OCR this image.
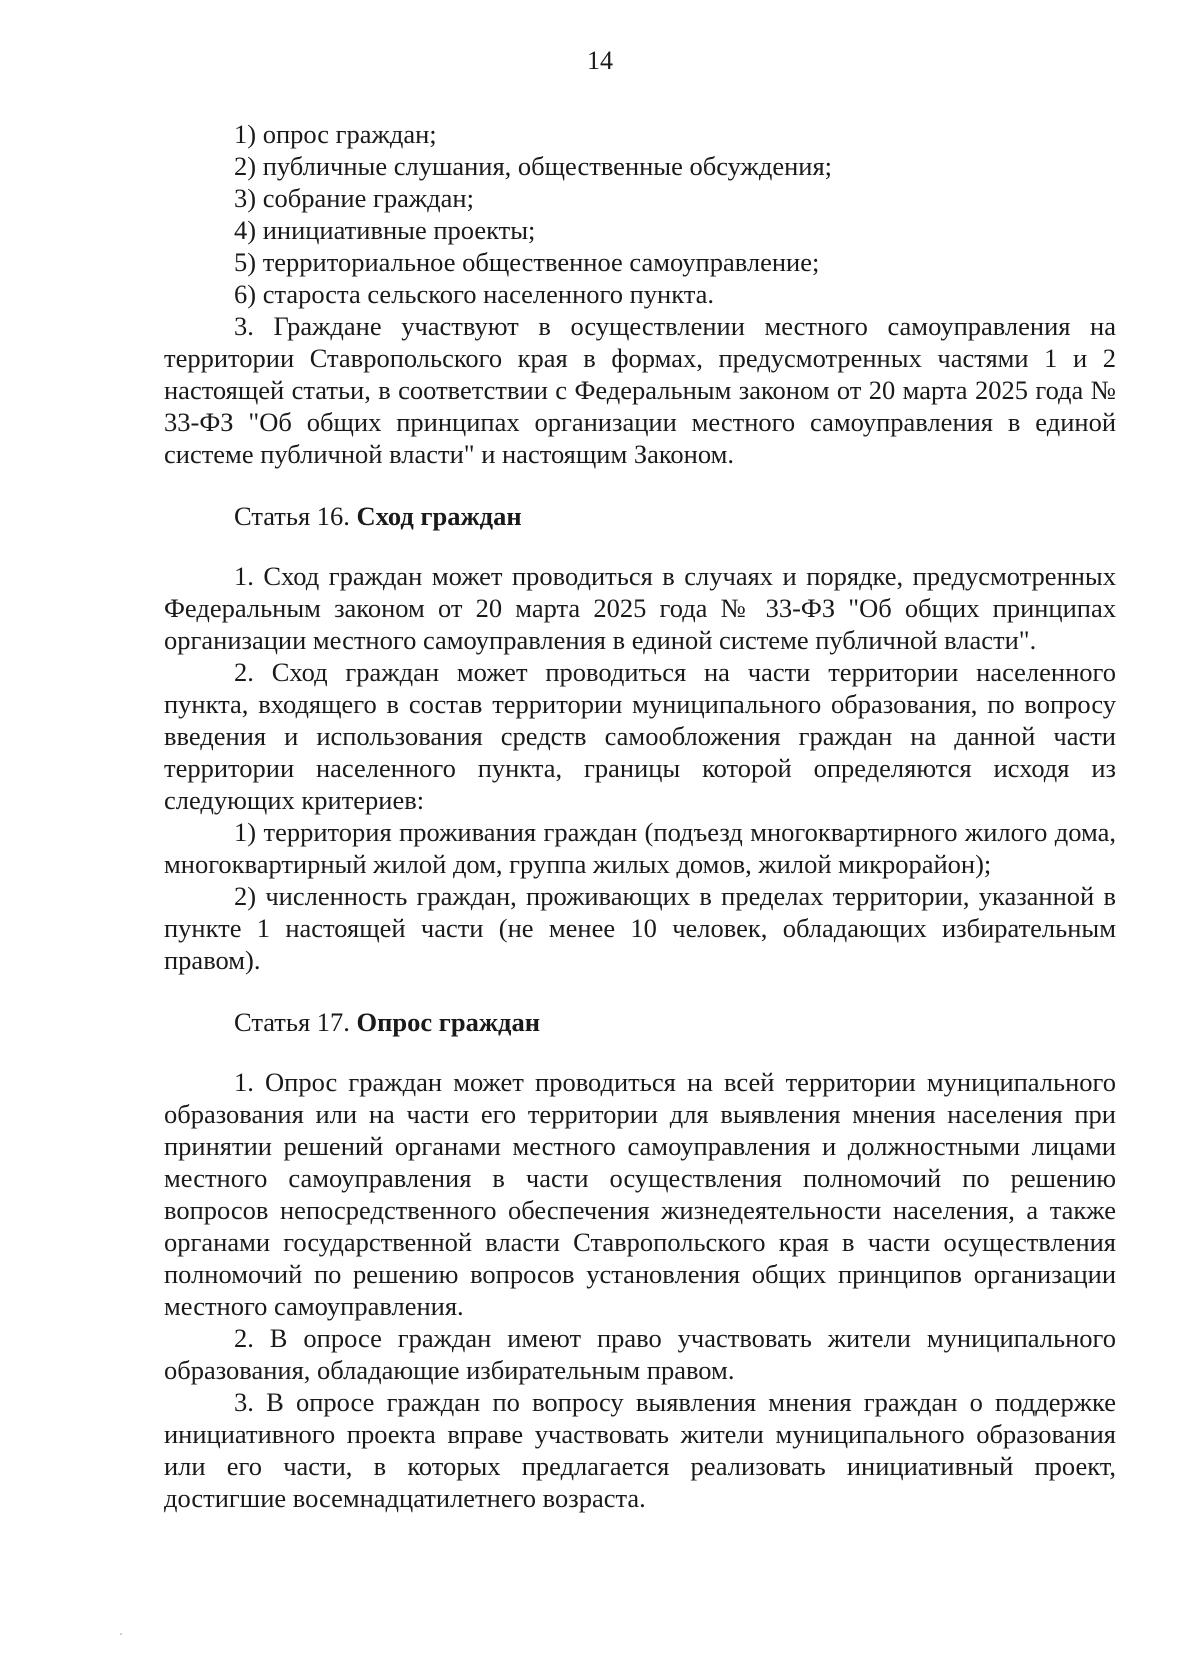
14

1) опрос граждан;

2) публичные слушания, общественные обсуждения;

3) собрание граждан;

4) инициативные проекты;

5) территориальное общественное самоуправление;

6) староста сельского населенного пункта.

3. Граждане участвуют в осуществлении местного самоуправления на территории Ставропольского края в формах, предусмотренных частями 1 и 2 настоящей статьи, в соответствии с Федеральным законом от 20 марта 2025 года № 33-ФЗ "Об общих принципах организации местного самоуправления в единой системе публичной власти" и настоящим Законом.

Статья 16. Сход граждан

1. Сход граждан может проводиться в случаях и порядке, предусмотренных Федеральным законом от 20 марта 2025 года № 33-ФЗ "Об общих принципах организации местного самоуправления в единой системе публичной власти".

2. Сход граждан может проводиться на части территории населенного пункта, входящего в состав территории муниципального образования, по вопросу введения и использования средств самообложения граждан на данной части территории населенного пункта, границы которой определяются исходя из следующих критериев:

1) территория проживания граждан (подъезд многоквартирного жилого дома, многоквартирный жилой дом, группа жилых домов, жилой микрорайон);

2) численность граждан, проживающих в пределах территории, указанной в пункте 1 настоящей части (не менее 10 человек, обладающих избирательным правом).

Статья 17. Опрос граждан

1. Опрос граждан может проводиться на всей территории муниципального образования или на части его территории для выявления мнения населения при принятии решений органами местного самоуправления и должностными лицами местного самоуправления в части осуществления полномочий по решению вопросов непосредственного обеспечения жизнедеятельности населения, а также органами государственной власти Ставропольского края в части осуществления полномочий по решению вопросов установления общих принципов организации местного самоуправления.

2. В опросе граждан имеют право участвовать жители муниципального образования, обладающие избирательным правом.

3. В опросе граждан по вопросу выявления мнения граждан о поддержке инициативного проекта вправе участвовать жители муниципального образования или его части, в которых предлагается реализовать инициативный проект, достигшие восемнадцатилетнего возраста.
